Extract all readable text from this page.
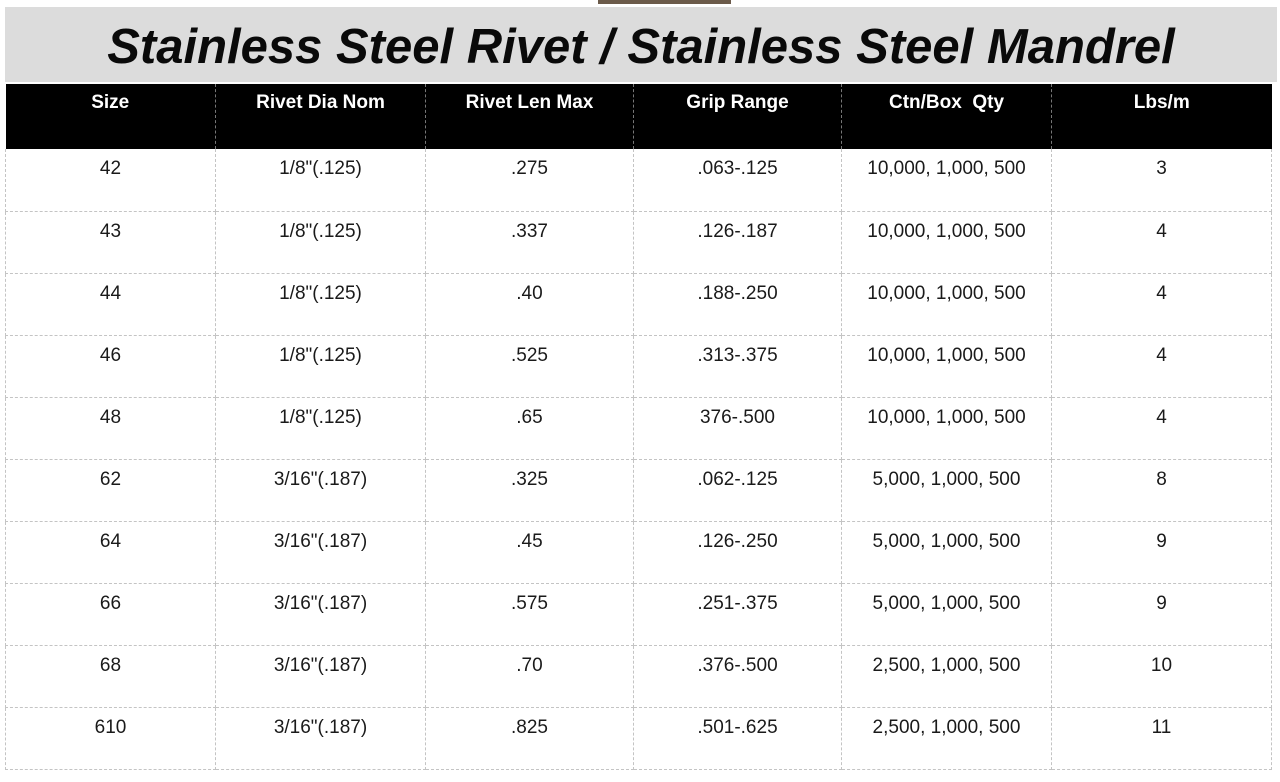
Stainless Steel Rivet / Stainless Steel Mandrel
Size	Rivet Dia Nom	Rivet Len Max	Grip Range	Ctn/Box  Qty	Lbs/m
42	1/8"(.125)	.275	.063-.125	10,000, 1,000, 500	3
43	1/8"(.125)	.337	.126-.187	10,000, 1,000, 500	4
44	1/8"(.125)	.40	.188-.250	10,000, 1,000, 500	4
46	1/8"(.125)	.525	.313-.375	10,000, 1,000, 500	4
48	1/8"(.125)	.65	376-.500	10,000, 1,000, 500	4
62	3/16"(.187)	.325	.062-.125	5,000, 1,000, 500	8
64	3/16"(.187)	.45	.126-.250	5,000, 1,000, 500	9
66	3/16"(.187)	.575	.251-.375	5,000, 1,000, 500	9
68	3/16"(.187)	.70	.376-.500	2,500, 1,000, 500	10
610	3/16"(.187)	.825	.501-.625	2,500, 1,000, 500	11
